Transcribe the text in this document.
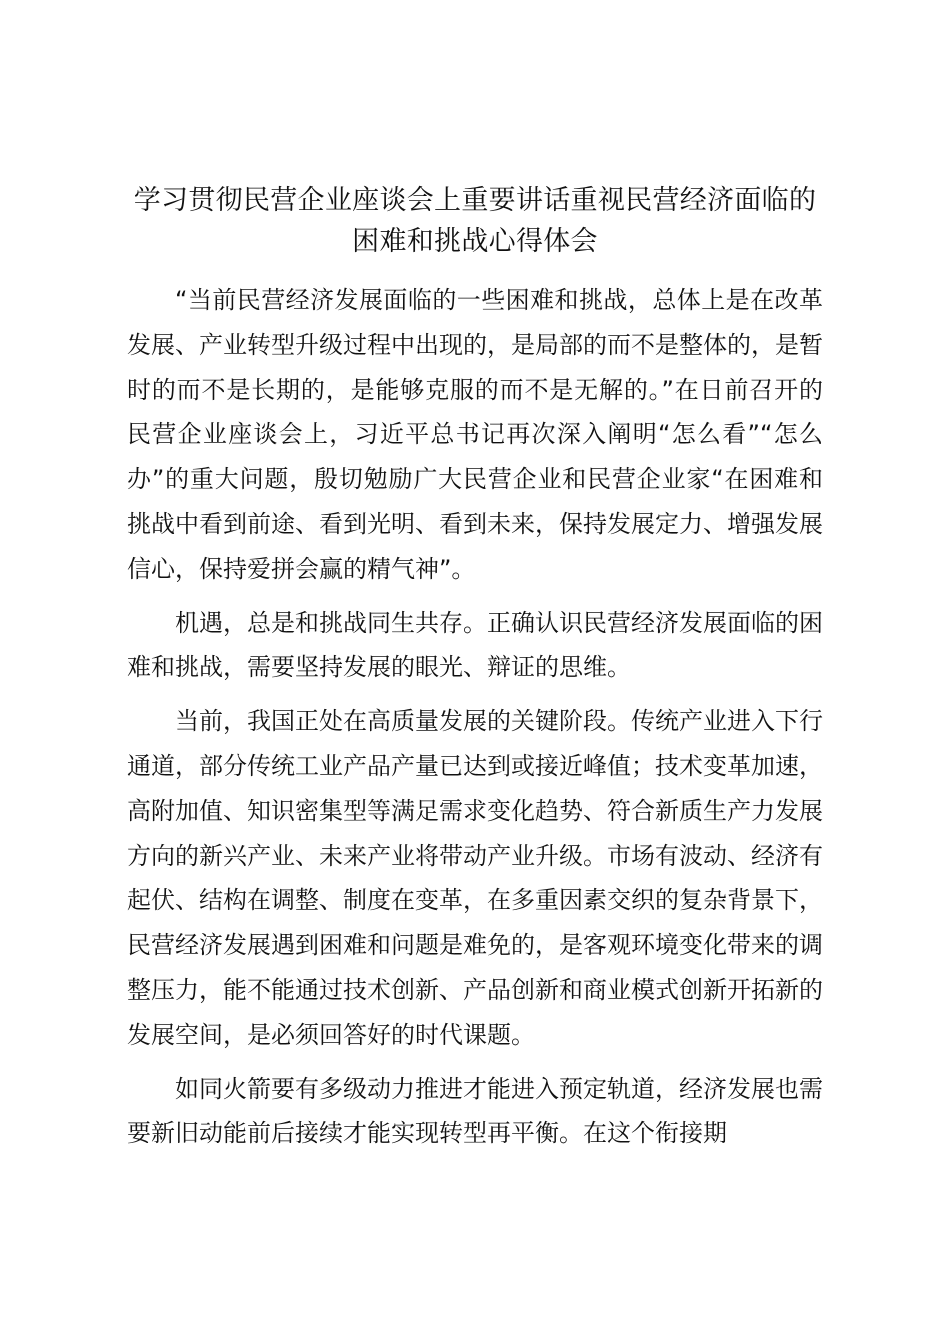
学习贯彻民营企业座谈会上重要讲话重视民营经济面临的困难和挑战心得体会

“当前民营经济发展面临的一些困难和挑战，总体上是在改革发展、产业转型升级过程中出现的，是局部的而不是整体的，是暂时的而不是长期的，是能够克服的而不是无解的。”在日前召开的民营企业座谈会上，习近平总书记再次深入阐明“怎么看”“怎么办”的重大问题，殷切勉励广大民营企业和民营企业家“在困难和挑战中看到前途、看到光明、看到未来，保持发展定力、增强发展信心，保持爱拼会赢的精气神”。

机遇，总是和挑战同生共存。正确认识民营经济发展面临的困难和挑战，需要坚持发展的眼光、辩证的思维。

当前，我国正处在高质量发展的关键阶段。传统产业进入下行通道，部分传统工业产品产量已达到或接近峰值；技术变革加速，高附加值、知识密集型等满足需求变化趋势、符合新质生产力发展方向的新兴产业、未来产业将带动产业升级。市场有波动、经济有起伏、结构在调整、制度在变革，在多重因素交织的复杂背景下，民营经济发展遇到困难和问题是难免的，是客观环境变化带来的调整压力，能不能通过技术创新、产品创新和商业模式创新开拓新的发展空间，是必须回答好的时代课题。

如同火箭要有多级动力推进才能进入预定轨道，经济发展也需要新旧动能前后接续才能实现转型再平衡。在这个衔接期
